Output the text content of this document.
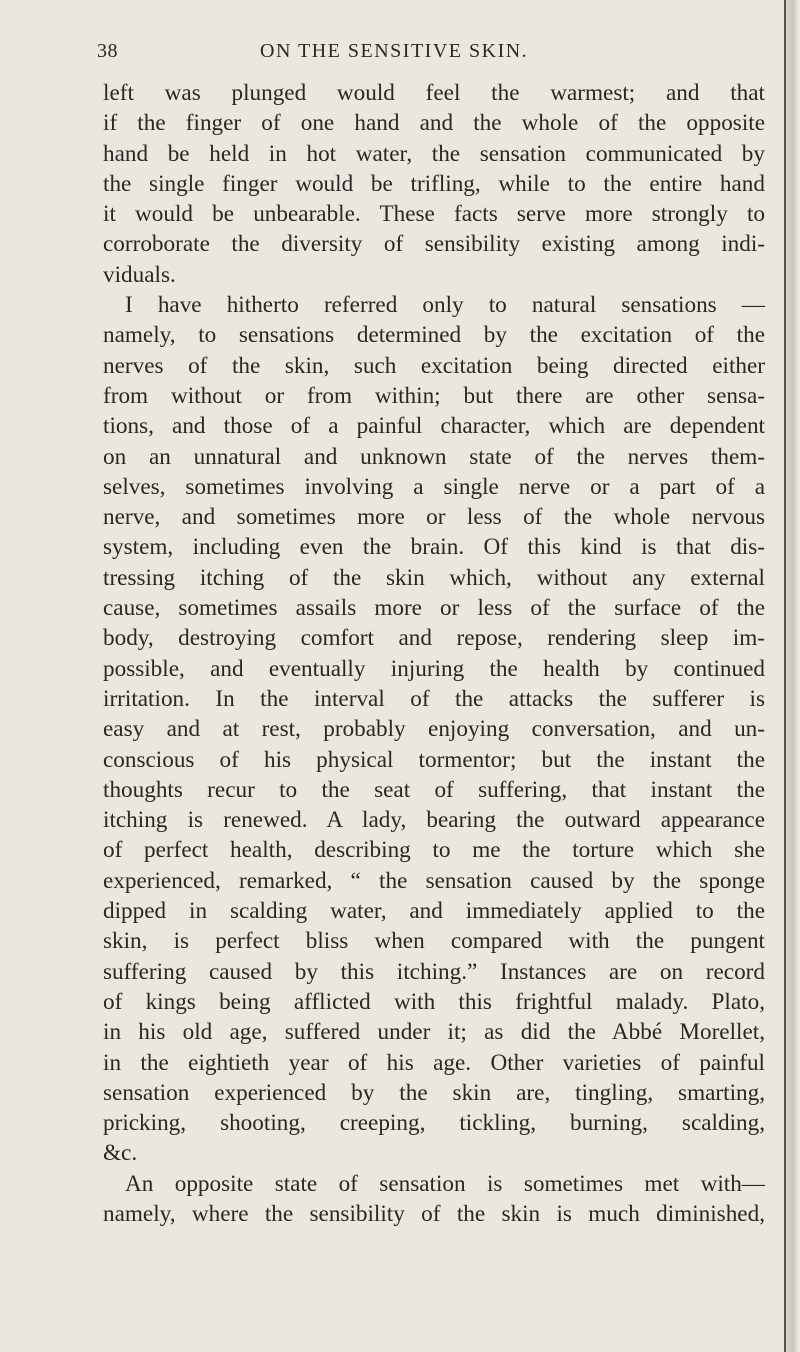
38	ON THE SENSITIVE SKIN.
left was plunged would feel the warmest; and that
if the finger of one hand and the whole of the opposite
hand be held in hot water, the sensation communicated by
the single finger would be trifling, while to the entire hand
it would be unbearable. These facts serve more strongly to
corroborate the diversity of sensibility existing among indi-
viduals.
I have hitherto referred only to natural sensations —
namely, to sensations determined by the excitation of the
nerves of the skin, such excitation being directed either
from without or from within; but there are other sensa-
tions, and those of a painful character, which are dependent
on an unnatural and unknown state of the nerves them-
selves, sometimes involving a single nerve or a part of a
nerve, and sometimes more or less of the whole nervous
system, including even the brain. Of this kind is that dis-
tressing itching of the skin which, without any external
cause, sometimes assails more or less of the surface of the
body, destroying comfort and repose, rendering sleep im-
possible, and eventually injuring the health by continued
irritation. In the interval of the attacks the sufferer is
easy and at rest, probably enjoying conversation, and un-
conscious of his physical tormentor; but the instant the
thoughts recur to the seat of suffering, that instant the
itching is renewed. A lady, bearing the outward appearance
of perfect health, describing to me the torture which she
experienced, remarked, “ the sensation caused by the sponge
dipped in scalding water, and immediately applied to the
skin, is perfect bliss when compared with the pungent
suffering caused by this itching.” Instances are on record
of kings being afflicted with this frightful malady. Plato,
in his old age, suffered under it; as did the Abbé Morellet,
in the eightieth year of his age. Other varieties of painful
sensation experienced by the skin are, tingling, smarting,
pricking, shooting, creeping, tickling, burning, scalding,
&c.
An opposite state of sensation is sometimes met with—
namely, where the sensibility of the skin is much diminished,
